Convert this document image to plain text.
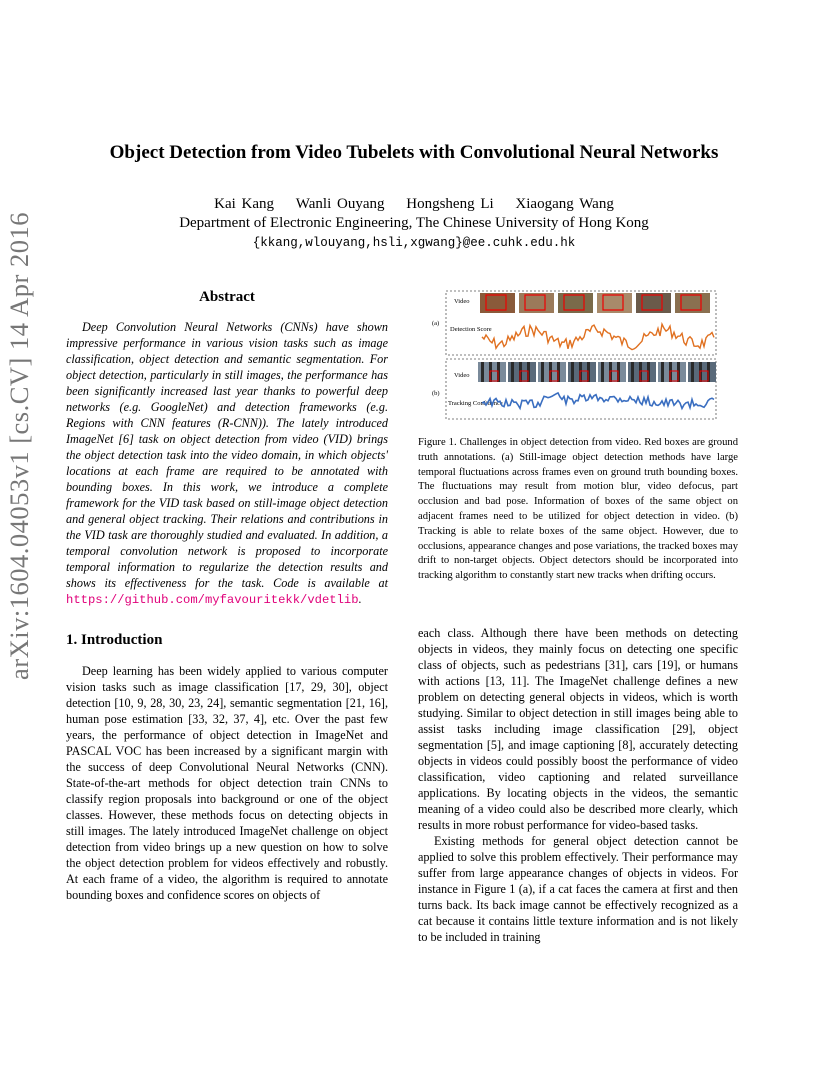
arXiv:1604.04053v1 [cs.CV] 14 Apr 2016
Object Detection from Video Tubelets with Convolutional Neural Networks
Kai Kang Wanli Ouyang Hongsheng Li Xiaogang Wang
Department of Electronic Engineering, The Chinese University of Hong Kong
{kkang,wlouyang,hsli,xgwang}@ee.cuhk.edu.hk
Abstract

Deep Convolution Neural Networks (CNNs) have shown impressive performance in various vision tasks such as image classification, object detection and semantic segmentation. For object detection, particularly in still images, the performance has been significantly increased last year thanks to powerful deep networks (e.g. GoogleNet) and detection frameworks (e.g. Regions with CNN features (R-CNN)). The lately introduced ImageNet [6] task on object detection from video (VID) brings the object detection task into the video domain, in which objects' locations at each frame are required to be annotated with bounding boxes. In this work, we introduce a complete framework for the VID task based on still-image object detection and general object tracking. Their relations and contributions in the VID task are thoroughly studied and evaluated. In addition, a temporal convolution network is proposed to incorporate temporal information to regularize the detection results and shows its effectiveness for the task. Code is available at https://github.com/myfavouritekk/vdetlib.

1. Introduction

Deep learning has been widely applied to various computer vision tasks such as image classification [17, 29, 30], object detection [10, 9, 28, 30, 23, 24], semantic segmentation [21, 16], human pose estimation [33, 32, 37, 4], etc. Over the past few years, the performance of object detection in ImageNet and PASCAL VOC has been increased by a significant margin with the success of deep Convolutional Neural Networks (CNN). State-of-the-art methods for object detection train CNNs to classify region proposals into background or one of the object classes. However, these methods focus on detecting objects in still images. The lately introduced ImageNet challenge on object detection from video brings up a new question on how to solve the object detection problem for videos effectively and robustly. At each frame of a video, the algorithm is required to annotate bounding boxes and confidence scores on objects of

(a)
Video
Detection Score
(b)
Video
Tracking Confidence
Figure 1. Challenges in object detection from video. Red boxes are ground truth annotations. (a) Still-image object detection methods have large temporal fluctuations across frames even on ground truth bounding boxes. The fluctuations may result from motion blur, video defocus, part occlusion and bad pose. Information of boxes of the same object on adjacent frames need to be utilized for object detection in video. (b) Tracking is able to relate boxes of the same object. However, due to occlusions, appearance changes and pose variations, the tracked boxes may drift to non-target objects. Object detectors should be incorporated into tracking algorithm to constantly start new tracks when drifting occurs.

each class. Although there have been methods on detecting objects in videos, they mainly focus on detecting one specific class of objects, such as pedestrians [31], cars [19], or humans with actions [13, 11]. The ImageNet challenge defines a new problem on detecting general objects in videos, which is worth studying. Similar to object detection in still images being able to assist tasks including image classification [29], object segmentation [5], and image captioning [8], accurately detecting objects in videos could possibly boost the performance of video classification, video captioning and related surveillance applications. By locating objects in the videos, the semantic meaning of a video could also be described more clearly, which results in more robust performance for video-based tasks.

Existing methods for general object detection cannot be applied to solve this problem effectively. Their performance may suffer from large appearance changes of objects in videos. For instance in Figure 1 (a), if a cat faces the camera at first and then turns back. Its back image cannot be effectively recognized as a cat because it contains little texture information and is not likely to be included in training
